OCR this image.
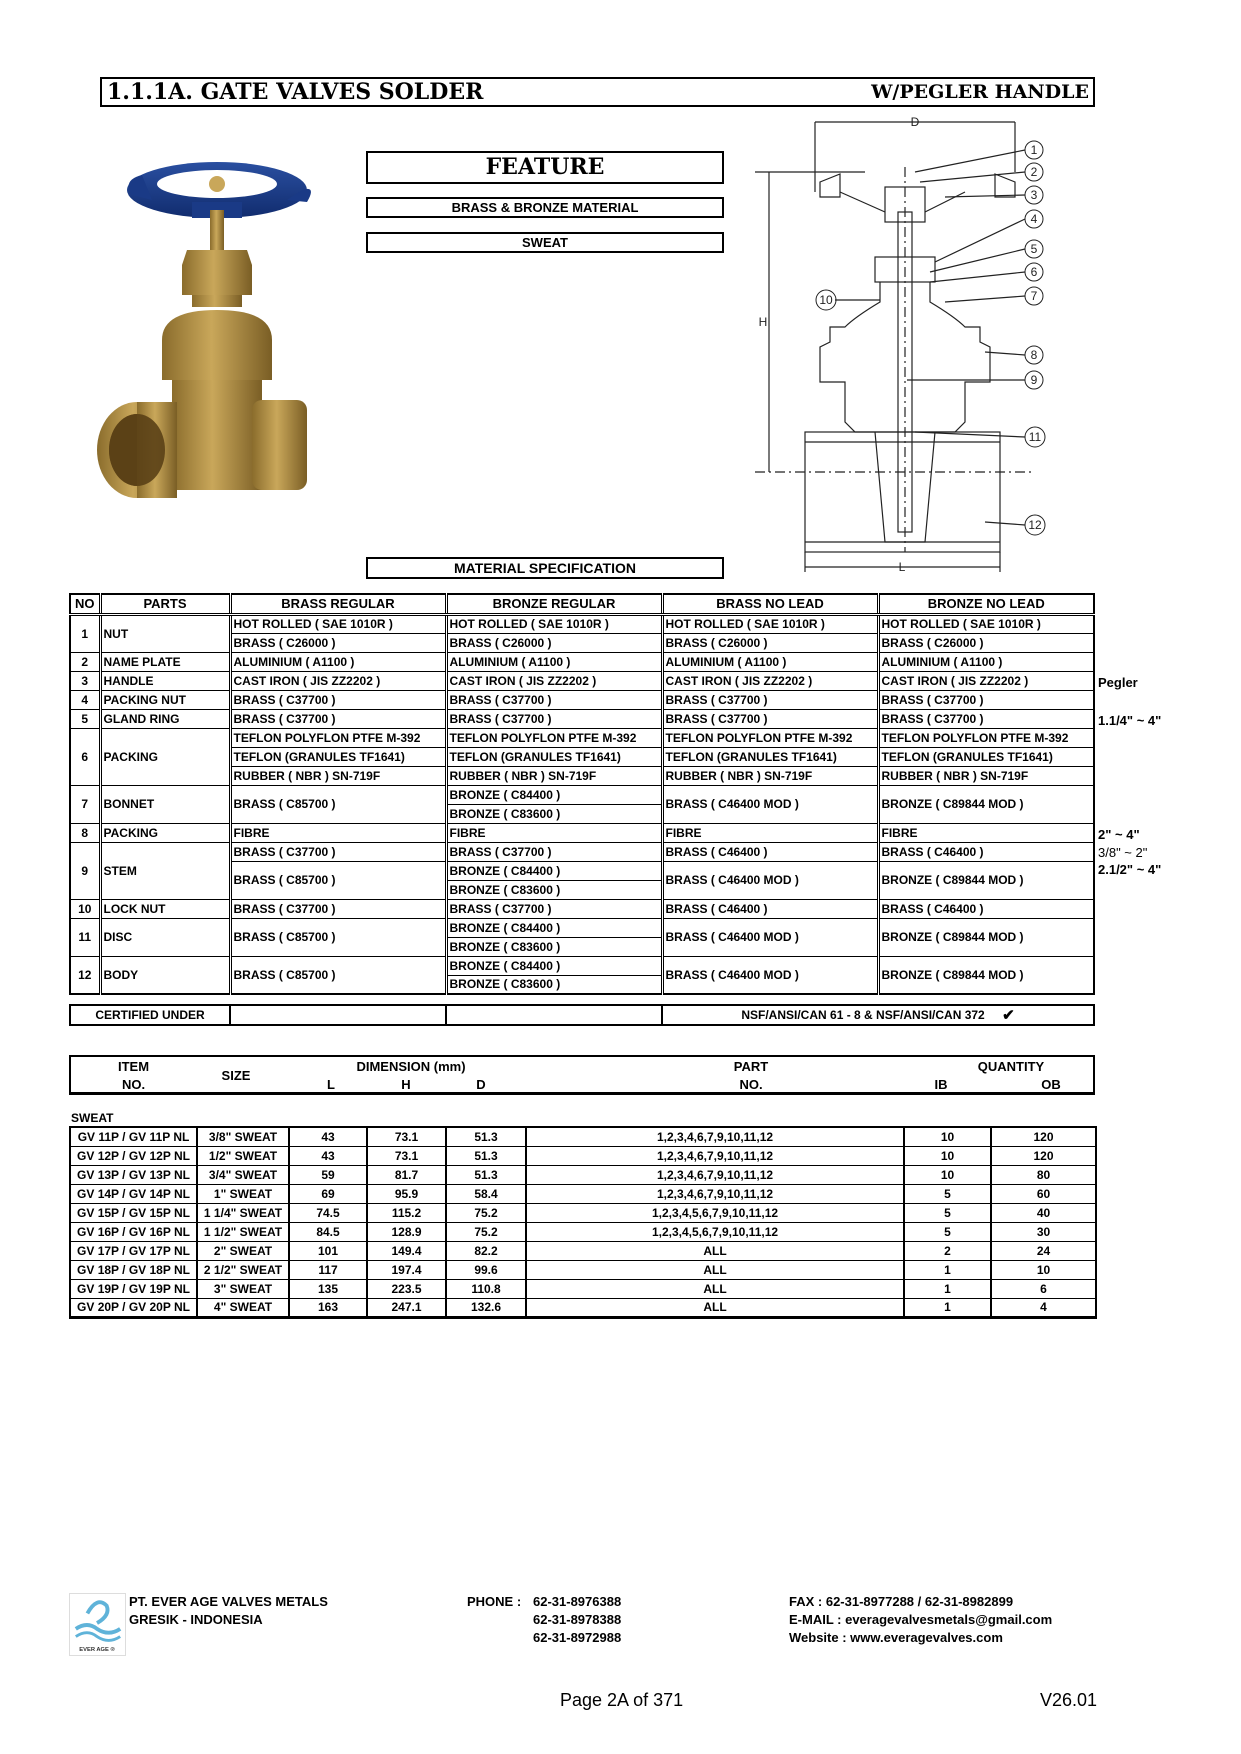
1.1.1A. GATE VALVES SOLDER	W/PEGLER HANDLE
FEATURE
BRASS & BRONZE MATERIAL
SWEAT
1
2
3
4
5
6
7
8
9
11
12
10
D
H
L
MATERIAL SPECIFICATION
NO	PARTS	BRASS REGULAR	BRONZE REGULAR	BRASS NO LEAD	BRONZE NO LEAD
1	NUT	HOT ROLLED ( SAE 1010R )	HOT ROLLED ( SAE 1010R )	HOT ROLLED ( SAE 1010R )	HOT ROLLED ( SAE 1010R )
		BRASS ( C26000 )	BRASS ( C26000 )	BRASS ( C26000 )	BRASS ( C26000 )
2	NAME PLATE	ALUMINIUM ( A1100 )	ALUMINIUM ( A1100 )	ALUMINIUM ( A1100 )	ALUMINIUM ( A1100 )
3	HANDLE	CAST IRON ( JIS ZZ2202 )	CAST IRON ( JIS ZZ2202 )	CAST IRON ( JIS ZZ2202 )	CAST IRON ( JIS ZZ2202 )
4	PACKING NUT	BRASS ( C37700 )	BRASS ( C37700 )	BRASS ( C37700 )	BRASS ( C37700 )
5	GLAND RING	BRASS ( C37700 )	BRASS ( C37700 )	BRASS ( C37700 )	BRASS ( C37700 )
6	PACKING	TEFLON POLYFLON PTFE M-392	TEFLON POLYFLON PTFE M-392	TEFLON POLYFLON PTFE M-392	TEFLON POLYFLON PTFE M-392
		TEFLON (GRANULES TF1641)	TEFLON (GRANULES TF1641)	TEFLON (GRANULES TF1641)	TEFLON (GRANULES TF1641)
		RUBBER ( NBR ) SN-719F	RUBBER ( NBR ) SN-719F	RUBBER ( NBR ) SN-719F	RUBBER ( NBR ) SN-719F
7	BONNET	BRASS ( C85700 )	BRONZE ( C84400 )	BRASS ( C46400 MOD )	BRONZE ( C89844 MOD )
			BRONZE ( C83600 )		
8	PACKING	FIBRE	FIBRE	FIBRE	FIBRE
9	STEM	BRASS ( C37700 )	BRASS ( C37700 )	BRASS ( C46400 )	BRASS ( C46400 )
		BRASS ( C85700 )	BRONZE ( C84400 )	BRASS ( C46400 MOD )	BRONZE ( C89844 MOD )
			BRONZE ( C83600 )		
10	LOCK NUT	BRASS ( C37700 )	BRASS ( C37700 )	BRASS ( C46400 )	BRASS ( C46400 )
11	DISC	BRASS ( C85700 )	BRONZE ( C84400 )	BRASS ( C46400 MOD )	BRONZE ( C89844 MOD )
			BRONZE ( C83600 )		
12	BODY	BRASS ( C85700 )	BRONZE ( C84400 )	BRASS ( C46400 MOD )	BRONZE ( C89844 MOD )
			BRONZE ( C83600 )		
Pegler
1.1/4" ~ 4"
2" ~ 4"
3/8" ~ 2"
2.1/2" ~ 4"
CERTIFIED UNDER			NSF/ANSI/CAN 61 - 8 & NSF/ANSI/CAN 372 ✔
ITEM
NO.
SIZE
DIMENSION (mm)
L	H	D
PART
NO.
QUANTITY
IB	OB
SWEAT
GV 11P / GV 11P NL	3/8" SWEAT	43	73.1	51.3	1,2,3,4,6,7,9,10,11,12	10	120
GV 12P / GV 12P NL	1/2" SWEAT	43	73.1	51.3	1,2,3,4,6,7,9,10,11,12	10	120
GV 13P / GV 13P NL	3/4" SWEAT	59	81.7	51.3	1,2,3,4,6,7,9,10,11,12	10	80
GV 14P / GV 14P NL	1" SWEAT	69	95.9	58.4	1,2,3,4,6,7,9,10,11,12	5	60
GV 15P / GV 15P NL	1 1/4" SWEAT	74.5	115.2	75.2	1,2,3,4,5,6,7,9,10,11,12	5	40
GV 16P / GV 16P NL	1 1/2" SWEAT	84.5	128.9	75.2	1,2,3,4,5,6,7,9,10,11,12	5	30
GV 17P / GV 17P NL	2" SWEAT	101	149.4	82.2	ALL	2	24
GV 18P / GV 18P NL	2 1/2" SWEAT	117	197.4	99.6	ALL	1	10
GV 19P / GV 19P NL	3" SWEAT	135	223.5	110.8	ALL	1	6
GV 20P / GV 20P NL	4" SWEAT	163	247.1	132.6	ALL	1	4
EVER AGE ®
PT. EVER AGE VALVES METALS
GRESIK - INDONESIA
PHONE : 62-31-8976388
62-31-8978388
62-31-8972988
FAX : 62-31-8977288 / 62-31-8982899
E-MAIL : everagevalvesmetals@gmail.com
Website : www.everagevalves.com
Page 2A of 371	V26.01
